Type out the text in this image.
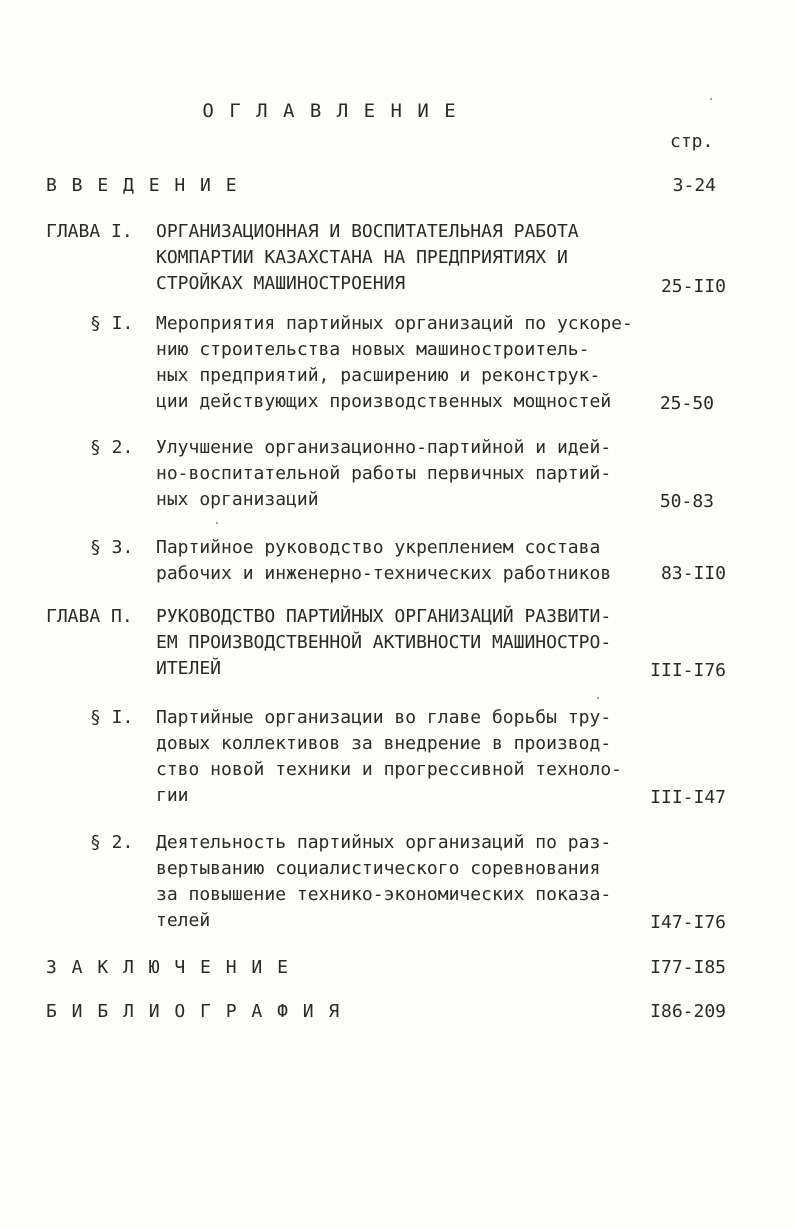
О Г Л А В Л Е Н И Е
стр.
В В Е Д Е Н И Е	3-24
ГЛАВА I. ОРГАНИЗАЦИОННАЯ И ВОСПИТАТЕЛЬНАЯ РАБОТА
КОМПАРТИИ КАЗАХСТАНА НА ПРЕДПРИЯТИЯХ И
СТРОЙКАХ МАШИНОСТРОЕНИЯ	25-II0
§ I. Мероприятия партийных организаций по ускоре-
нию строительства новых машиностроитель-
ных предприятий, расширению и реконструк-
ции действующих производственных мощностей	25-50
§ 2. Улучшение организационно-партийной и идей-
но-воспитательной работы первичных партий-
ных организаций	50-83
§ 3. Партийное руководство укреплением состава
рабочих и инженерно-технических работников	83-II0
ГЛАВА П. РУКОВОДСТВО ПАРТИЙНЫХ ОРГАНИЗАЦИЙ РАЗВИТИ-
ЕМ ПРОИЗВОДСТВЕННОЙ АКТИВНОСТИ МАШИНОСТРО-
ИТЕЛЕЙ	III-I76
§ I. Партийные организации во главе борьбы тру-
довых коллективов за внедрение в производ-
ство новой техники и прогрессивной техноло-
гии	III-I47
§ 2. Деятельность партийных организаций по раз-
вертыванию социалистического соревнования
за повышение технико-экономических показа-
телей	I47-I76
З А К Л Ю Ч Е Н И Е	I77-I85
Б И Б Л И О Г Р А Ф И Я	I86-209
